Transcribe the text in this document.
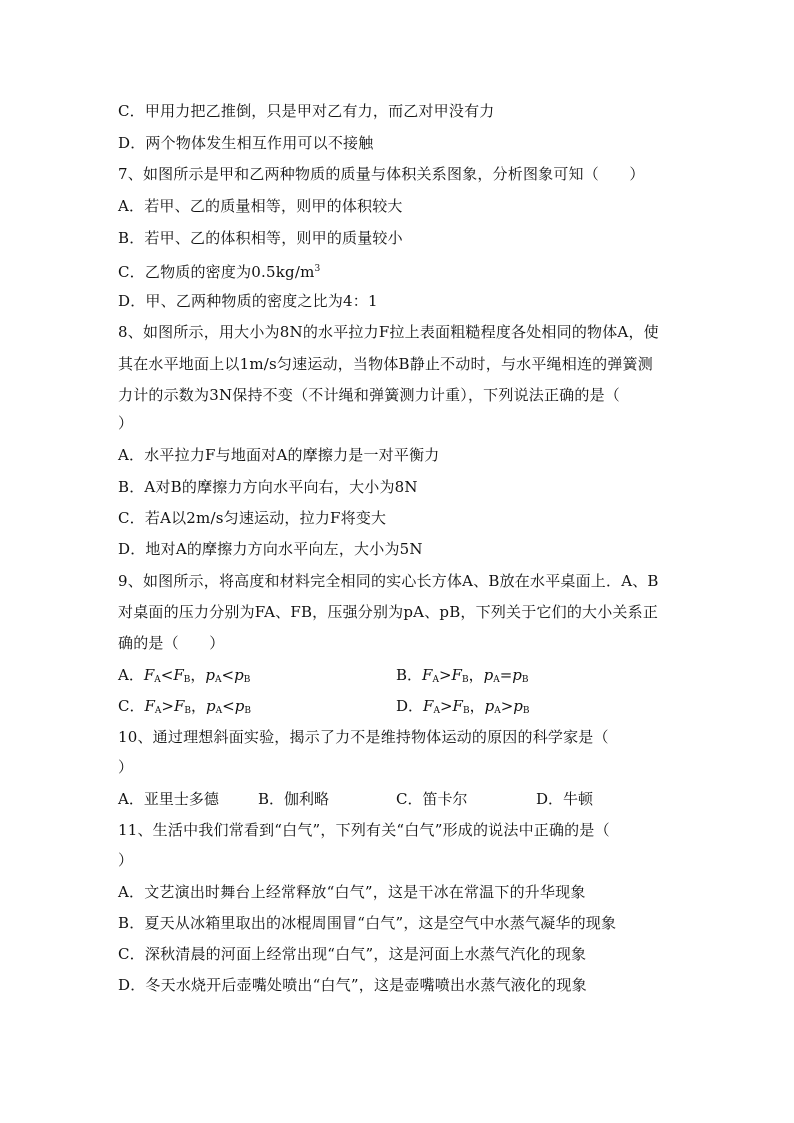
C．甲用力把乙推倒，只是甲对乙有力，而乙对甲没有力
D．两个物体发生相互作用可以不接触
7、如图所示是甲和乙两种物质的质量与体积关系图象，分析图象可知（　　）
A．若甲、乙的质量相等，则甲的体积较大
B．若甲、乙的体积相等，则甲的质量较小
C．乙物质的密度为$0.5kg/m^3$
D．甲、乙两种物质的密度之比为4：1
8、如图所示，用大小为8N的水平拉力F拉上表面粗糙程度各处相同的物体A，使
其在水平地面上以1m/s匀速运动，当物体B静止不动时，与水平绳相连的弹簧测
力计的示数为3N保持不变（不计绳和弹簧测力计重），下列说法正确的是（
）
A．水平拉力F与地面对A的摩擦力是一对平衡力
B．A对B的摩擦力方向水平向右，大小为8N
C．若A以2m/s匀速运动，拉力F将变大
D．地对A的摩擦力方向水平向左，大小为5N
9、如图所示，将高度和材料完全相同的实心长方体A、B放在水平桌面上．A、B
对桌面的压力分别为FA、FB，压强分别为pA、pB，下列关于它们的大小关系正
确的是（　　）
A．$F_A<F_B$，$p_A<p_B$	B．$F_A>F_B$，$p_A=p_B$
C．$F_A>F_B$，$p_A<p_B$	D．$F_A>F_B$，$p_A>p_B$
10、通过理想斜面实验，揭示了力不是维持物体运动的原因的科学家是（
）
A．亚里士多德	B．伽利略	C．笛卡尔	D．牛顿
11、生活中我们常看到“白气”，下列有关“白气”形成的说法中正确的是（
）
A．文艺演出时舞台上经常释放“白气”，这是干冰在常温下的升华现象
B．夏天从冰箱里取出的冰棍周围冒“白气”，这是空气中水蒸气凝华的现象
C．深秋清晨的河面上经常出现“白气”，这是河面上水蒸气汽化的现象
D．冬天水烧开后壶嘴处喷出“白气”，这是壶嘴喷出水蒸气液化的现象
